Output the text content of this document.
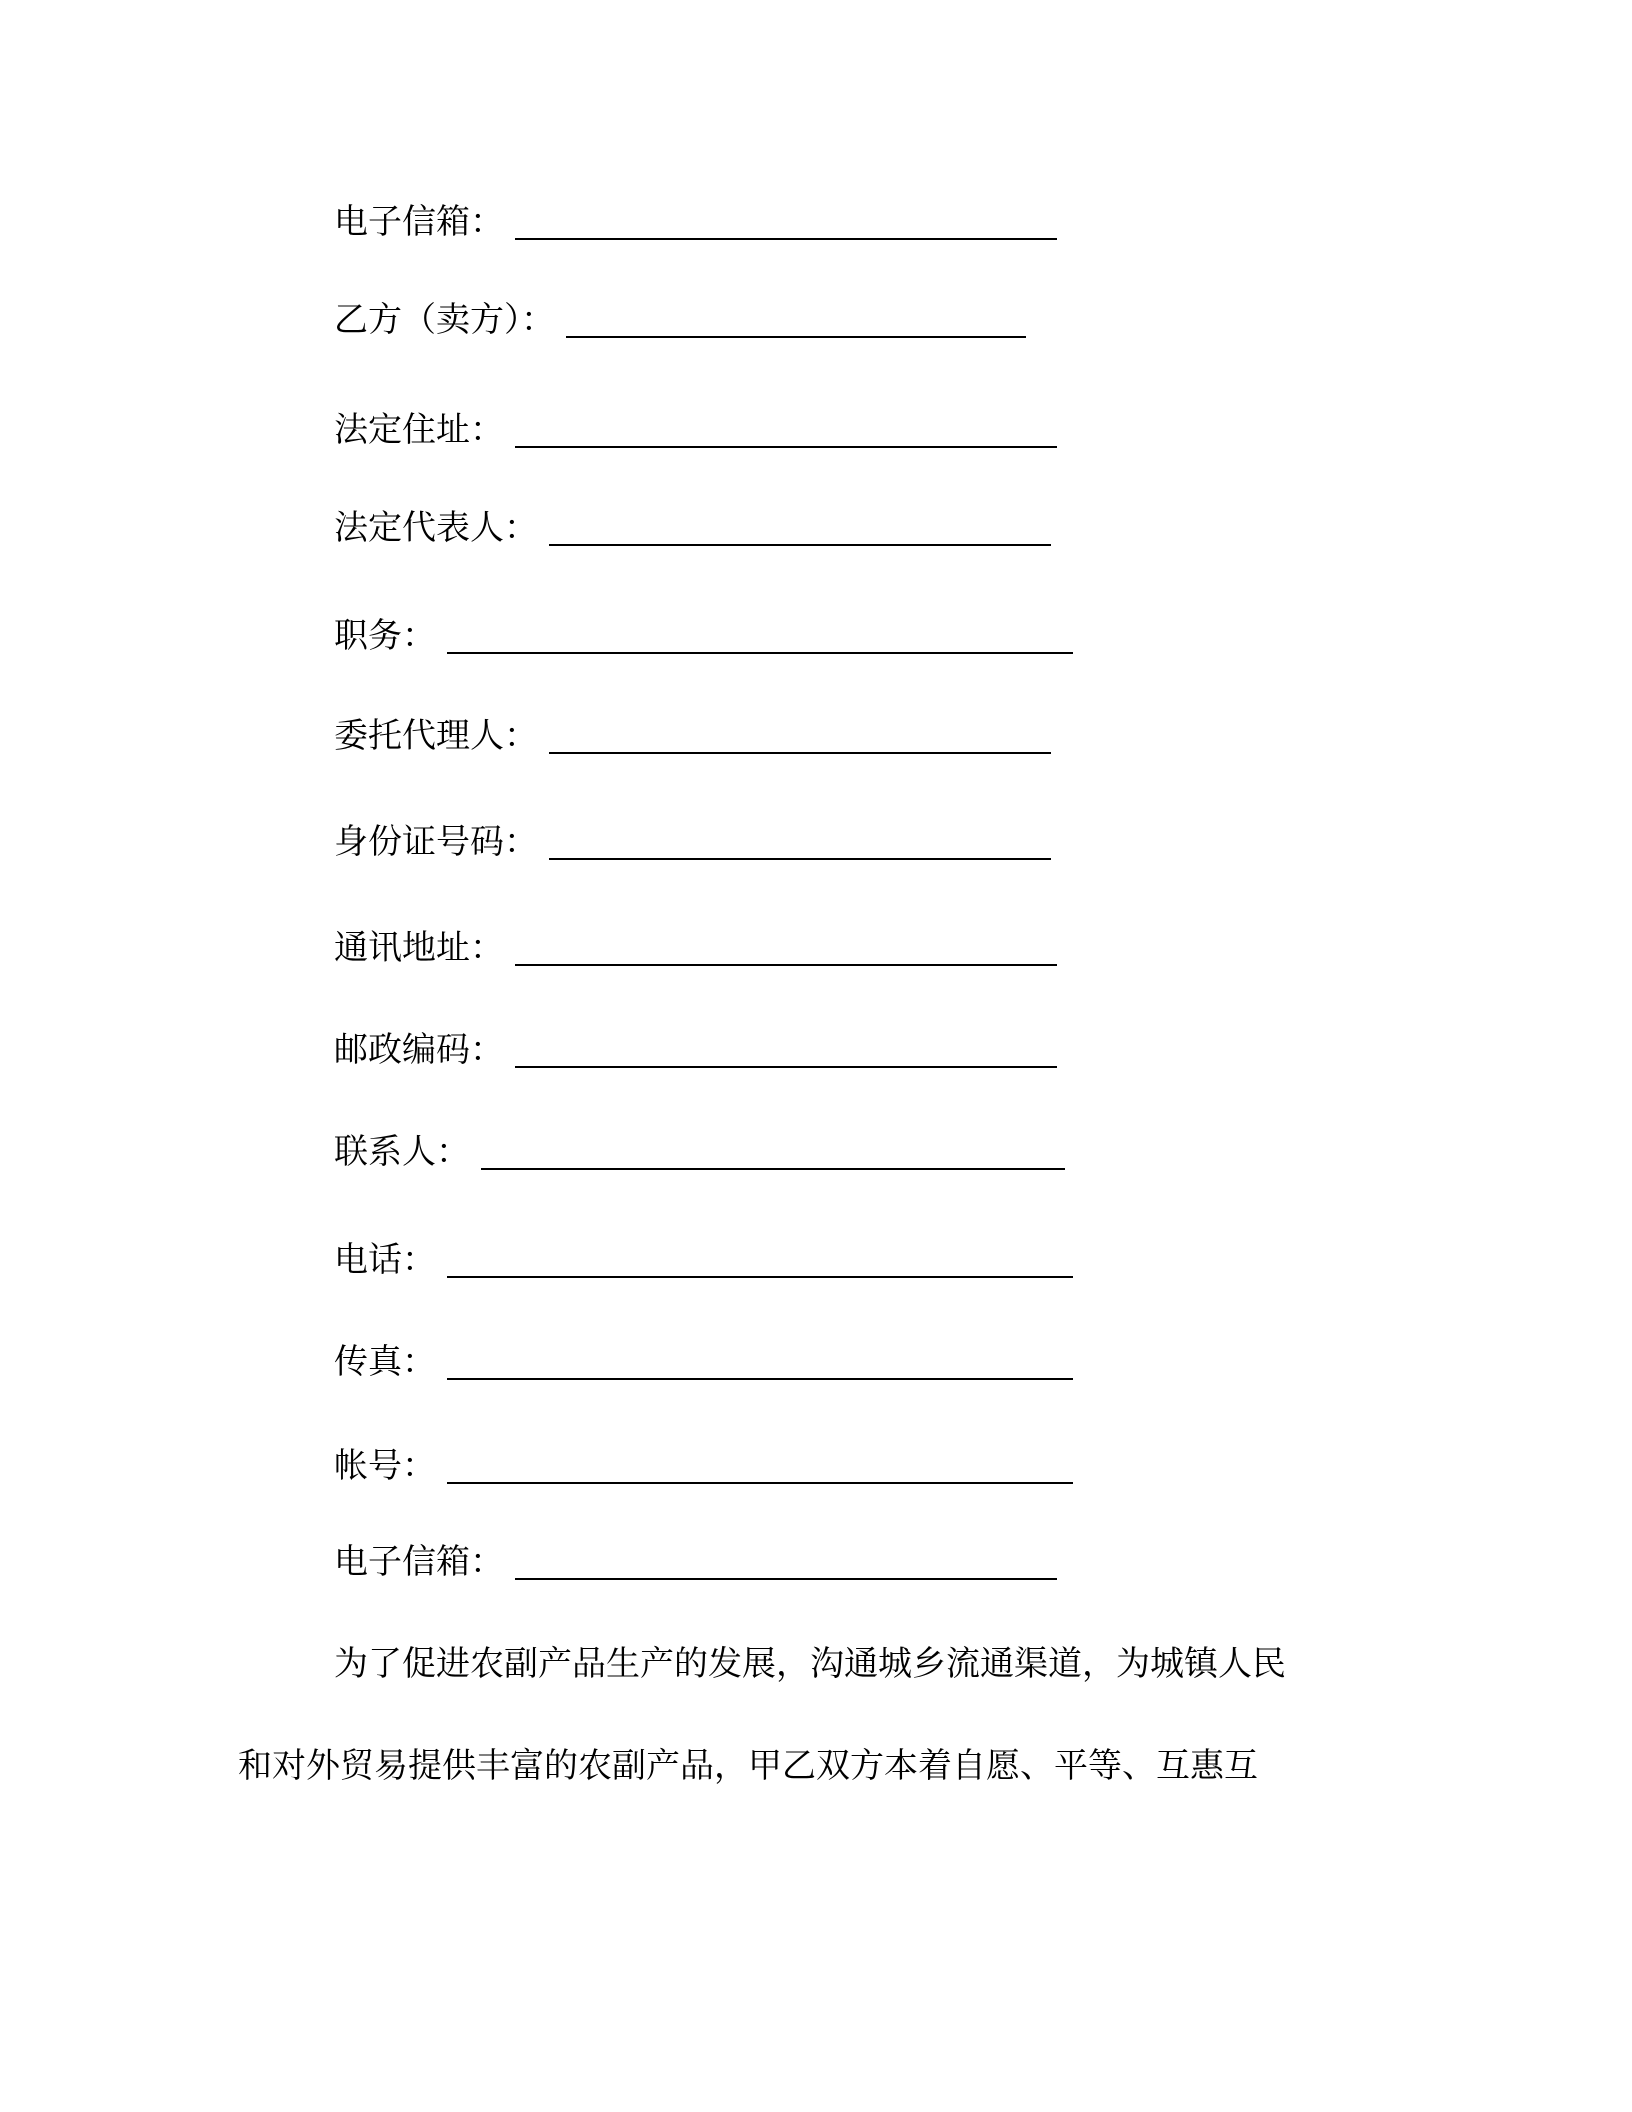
电子信箱：
乙方（卖方）：
法定住址：
法定代表人：
职务：
委托代理人：
身份证号码：
通讯地址：
邮政编码：
联系人：
电话：
传真：
帐号：
电子信箱：
为了促进农副产品生产的发展，沟通城乡流通渠道，为城镇人民
和对外贸易提供丰富的农副产品，甲乙双方本着自愿、平等、互惠互
